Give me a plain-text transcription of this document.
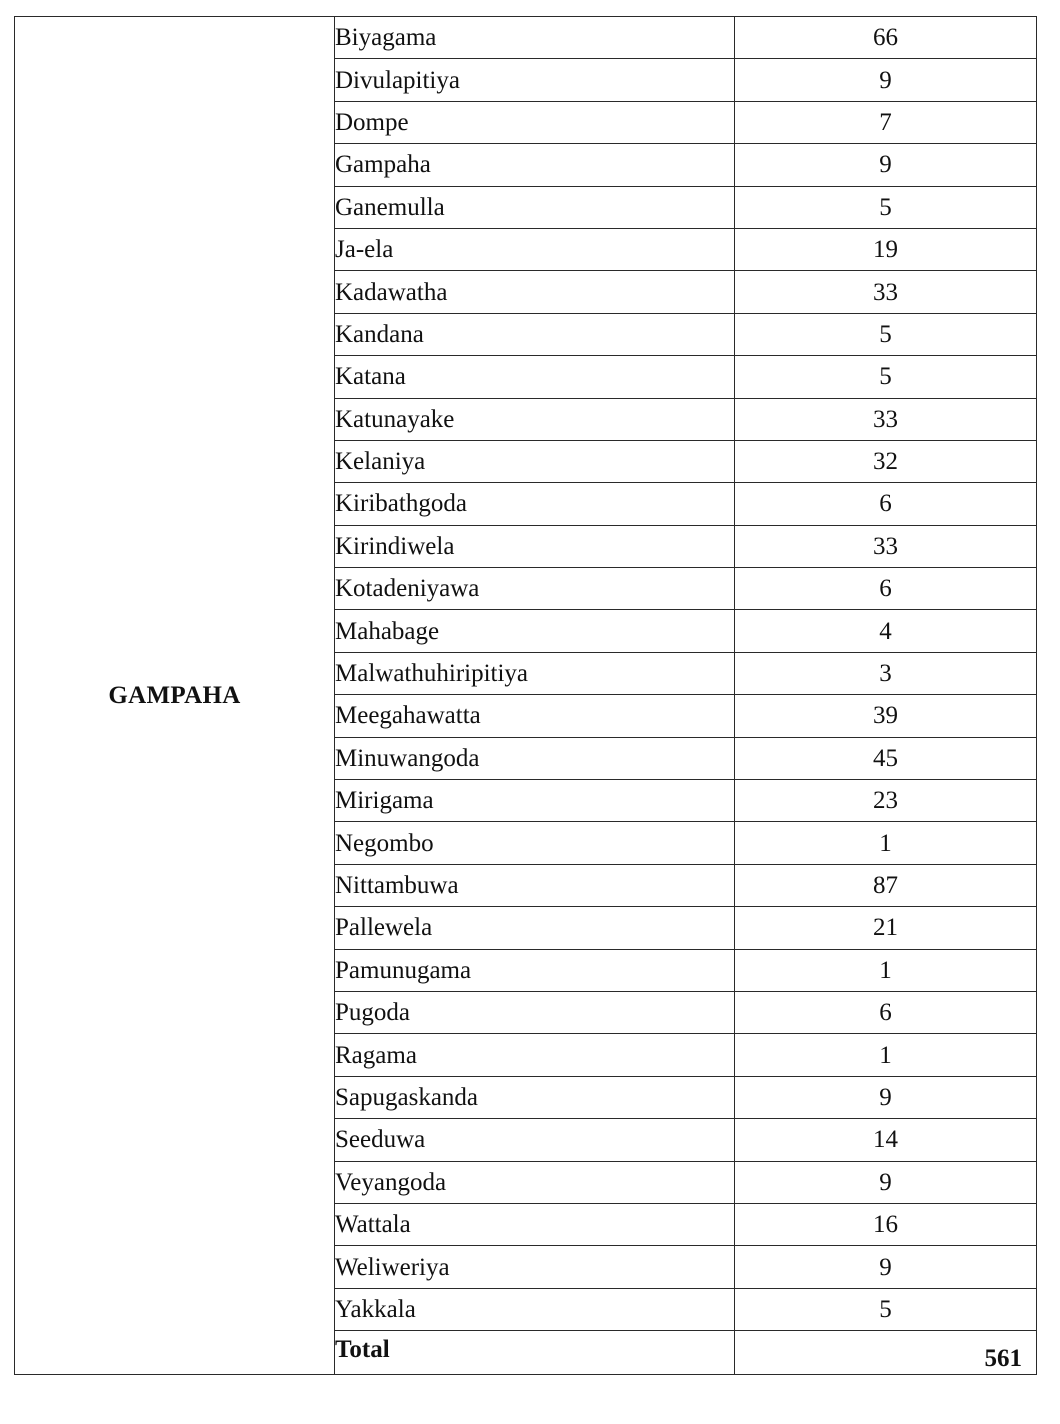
GAMPAHA	Biyagama	66
	Divulapitiya	9
	Dompe	7
	Gampaha	9
	Ganemulla	5
	Ja-ela	19
	Kadawatha	33
	Kandana	5
	Katana	5
	Katunayake	33
	Kelaniya	32
	Kiribathgoda	6
	Kirindiwela	33
	Kotadeniyawa	6
	Mahabage	4
	Malwathuhiripitiya	3
	Meegahawatta	39
	Minuwangoda	45
	Mirigama	23
	Negombo	1
	Nittambuwa	87
	Pallewela	21
	Pamunugama	1
	Pugoda	6
	Ragama	1
	Sapugaskanda	9
	Seeduwa	14
	Veyangoda	9
	Wattala	16
	Weliweriya	9
	Yakkala	5
	Total	561
